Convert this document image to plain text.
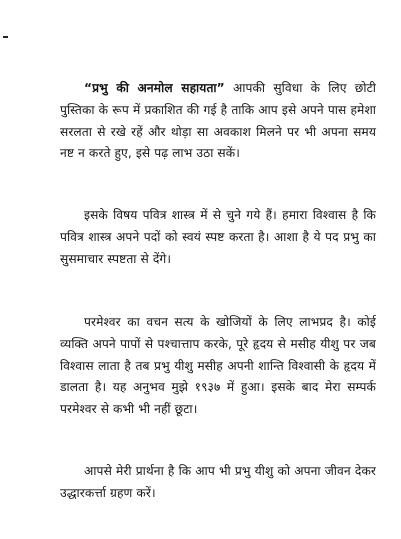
“प्रभु की अनमोल सहायता” आपकी सुविधा के लिए छोटी पुस्तिका के रूप में प्रकाशित की गई है ताकि आप इसे अपने पास हमेशा सरलता से रखे रहें और थोड़ा सा अवकाश मिलने पर भी अपना समय नष्ट न करते हुए, इसे पढ़ लाभ उठा सकें।

इसके विषय पवित्र शास्त्र में से चुने गये हैं। हमारा विश्वास है कि पवित्र शास्त्र अपने पदों को स्वयं स्पष्ट करता है। आशा है ये पद प्रभु का सुसमाचार स्पष्टता से देंगे।

परमेश्वर का वचन सत्य के खोजियों के लिए लाभप्रद है। कोई व्यक्ति अपने पापों से पश्चात्ताप करके, पूरे हृदय से मसीह यीशु पर जब विश्वास लाता है तब प्रभु यीशु मसीह अपनी शान्ति विश्वासी के हृदय में डालता है। यह अनुभव मुझे १९३७ में हुआ। इसके बाद मेरा सम्पर्क परमेश्वर से कभी भी नहीं छूटा।

आपसे मेरी प्रार्थना है कि आप भी प्रभु यीशु को अपना जीवन देकर उद्धारकर्त्ता ग्रहण करें।
